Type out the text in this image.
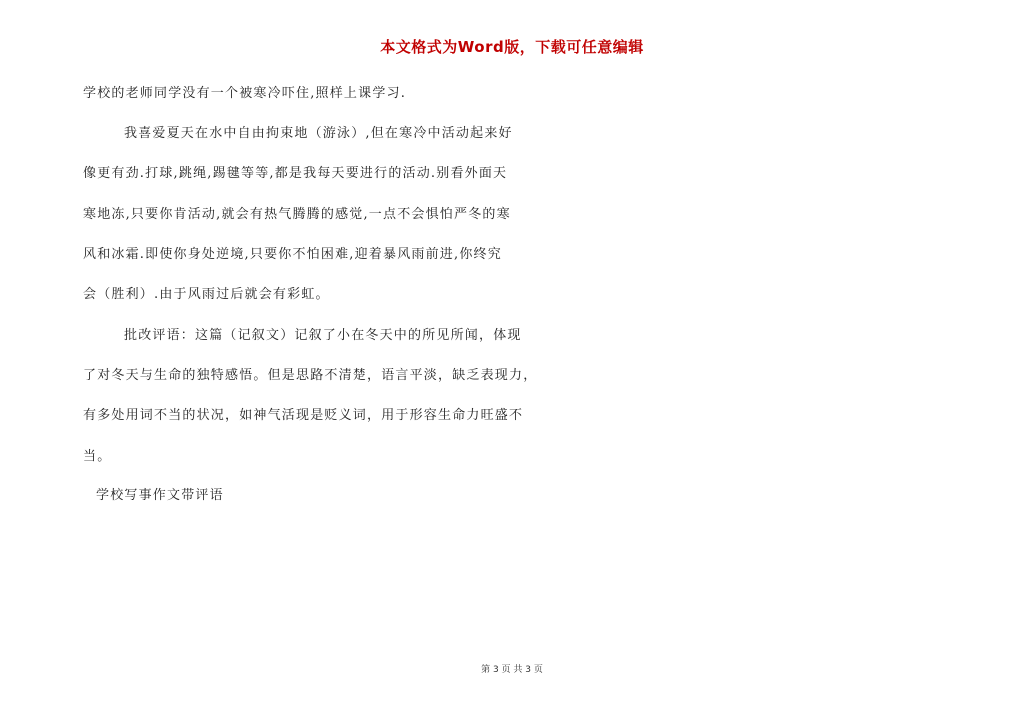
本文格式为Word版，下载可任意编辑
学校的老师同学没有一个被寒冷吓住,照样上课学习.
我喜爱夏天在水中自由拘束地（游泳）,但在寒冷中活动起来好
像更有劲.打球,跳绳,踢毽等等,都是我每天要进行的活动.别看外面天
寒地冻,只要你肯活动,就会有热气腾腾的感觉,一点不会惧怕严冬的寒
风和冰霜.即使你身处逆境,只要你不怕困难,迎着暴风雨前进,你终究
会（胜利）.由于风雨过后就会有彩虹。
批改评语：这篇（记叙文）记叙了小在冬天中的所见所闻，体现
了对冬天与生命的独特感悟。但是思路不清楚，语言平淡，缺乏表现力，
有多处用词不当的状况，如神气活现是贬义词，用于形容生命力旺盛不
当。
学校写事作文带评语
第 3 页 共 3 页
